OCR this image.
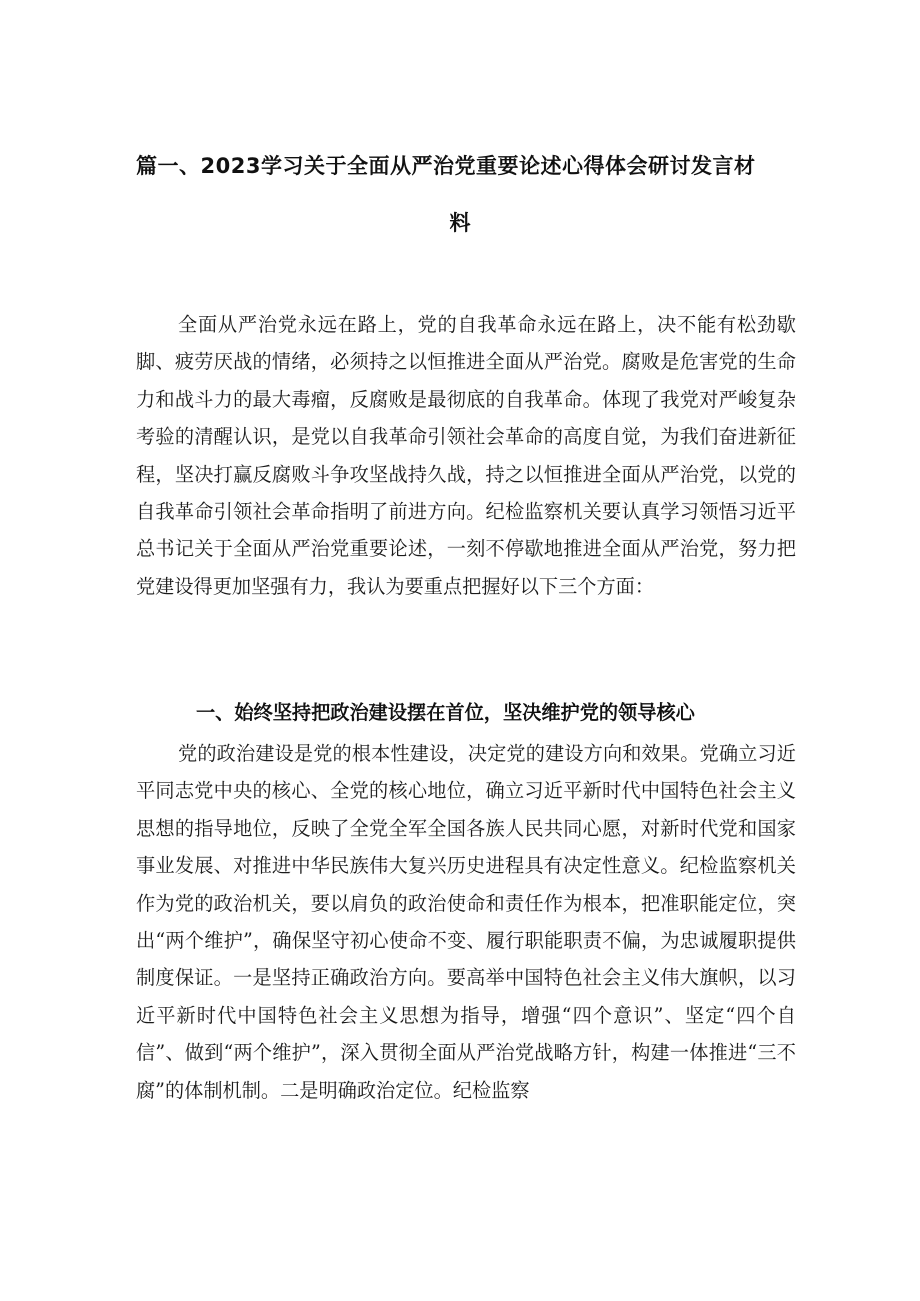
篇一、2023学习关于全面从严治党重要论述心得体会研讨发言材
料

全面从严治党永远在路上，党的自我革命永远在路上，决不能有松劲歇脚、疲劳厌战的情绪，必须持之以恒推进全面从严治党。腐败是危害党的生命力和战斗力的最大毒瘤，反腐败是最彻底的自我革命。体现了我党对严峻复杂考验的清醒认识，是党以自我革命引领社会革命的高度自觉，为我们奋进新征程，坚决打赢反腐败斗争攻坚战持久战，持之以恒推进全面从严治党，以党的自我革命引领社会革命指明了前进方向。纪检监察机关要认真学习领悟习近平总书记关于全面从严治党重要论述，一刻不停歇地推进全面从严治党，努力把党建设得更加坚强有力，我认为要重点把握好以下三个方面：

一、始终坚持把政治建设摆在首位，坚决维护党的领导核心

党的政治建设是党的根本性建设，决定党的建设方向和效果。党确立习近平同志党中央的核心、全党的核心地位，确立习近平新时代中国特色社会主义思想的指导地位，反映了全党全军全国各族人民共同心愿，对新时代党和国家事业发展、对推进中华民族伟大复兴历史进程具有决定性意义。纪检监察机关作为党的政治机关，要以肩负的政治使命和责任作为根本，把准职能定位，突出“两个维护”，确保坚守初心使命不变、履行职能职责不偏，为忠诚履职提供制度保证。一是坚持正确政治方向。要高举中国特色社会主义伟大旗帜，以习近平新时代中国特色社会主义思想为指导，增强“四个意识”、坚定“四个自信”、做到“两个维护”，深入贯彻全面从严治党战略方针，构建一体推进“三不腐”的体制机制。二是明确政治定位。纪检监察
